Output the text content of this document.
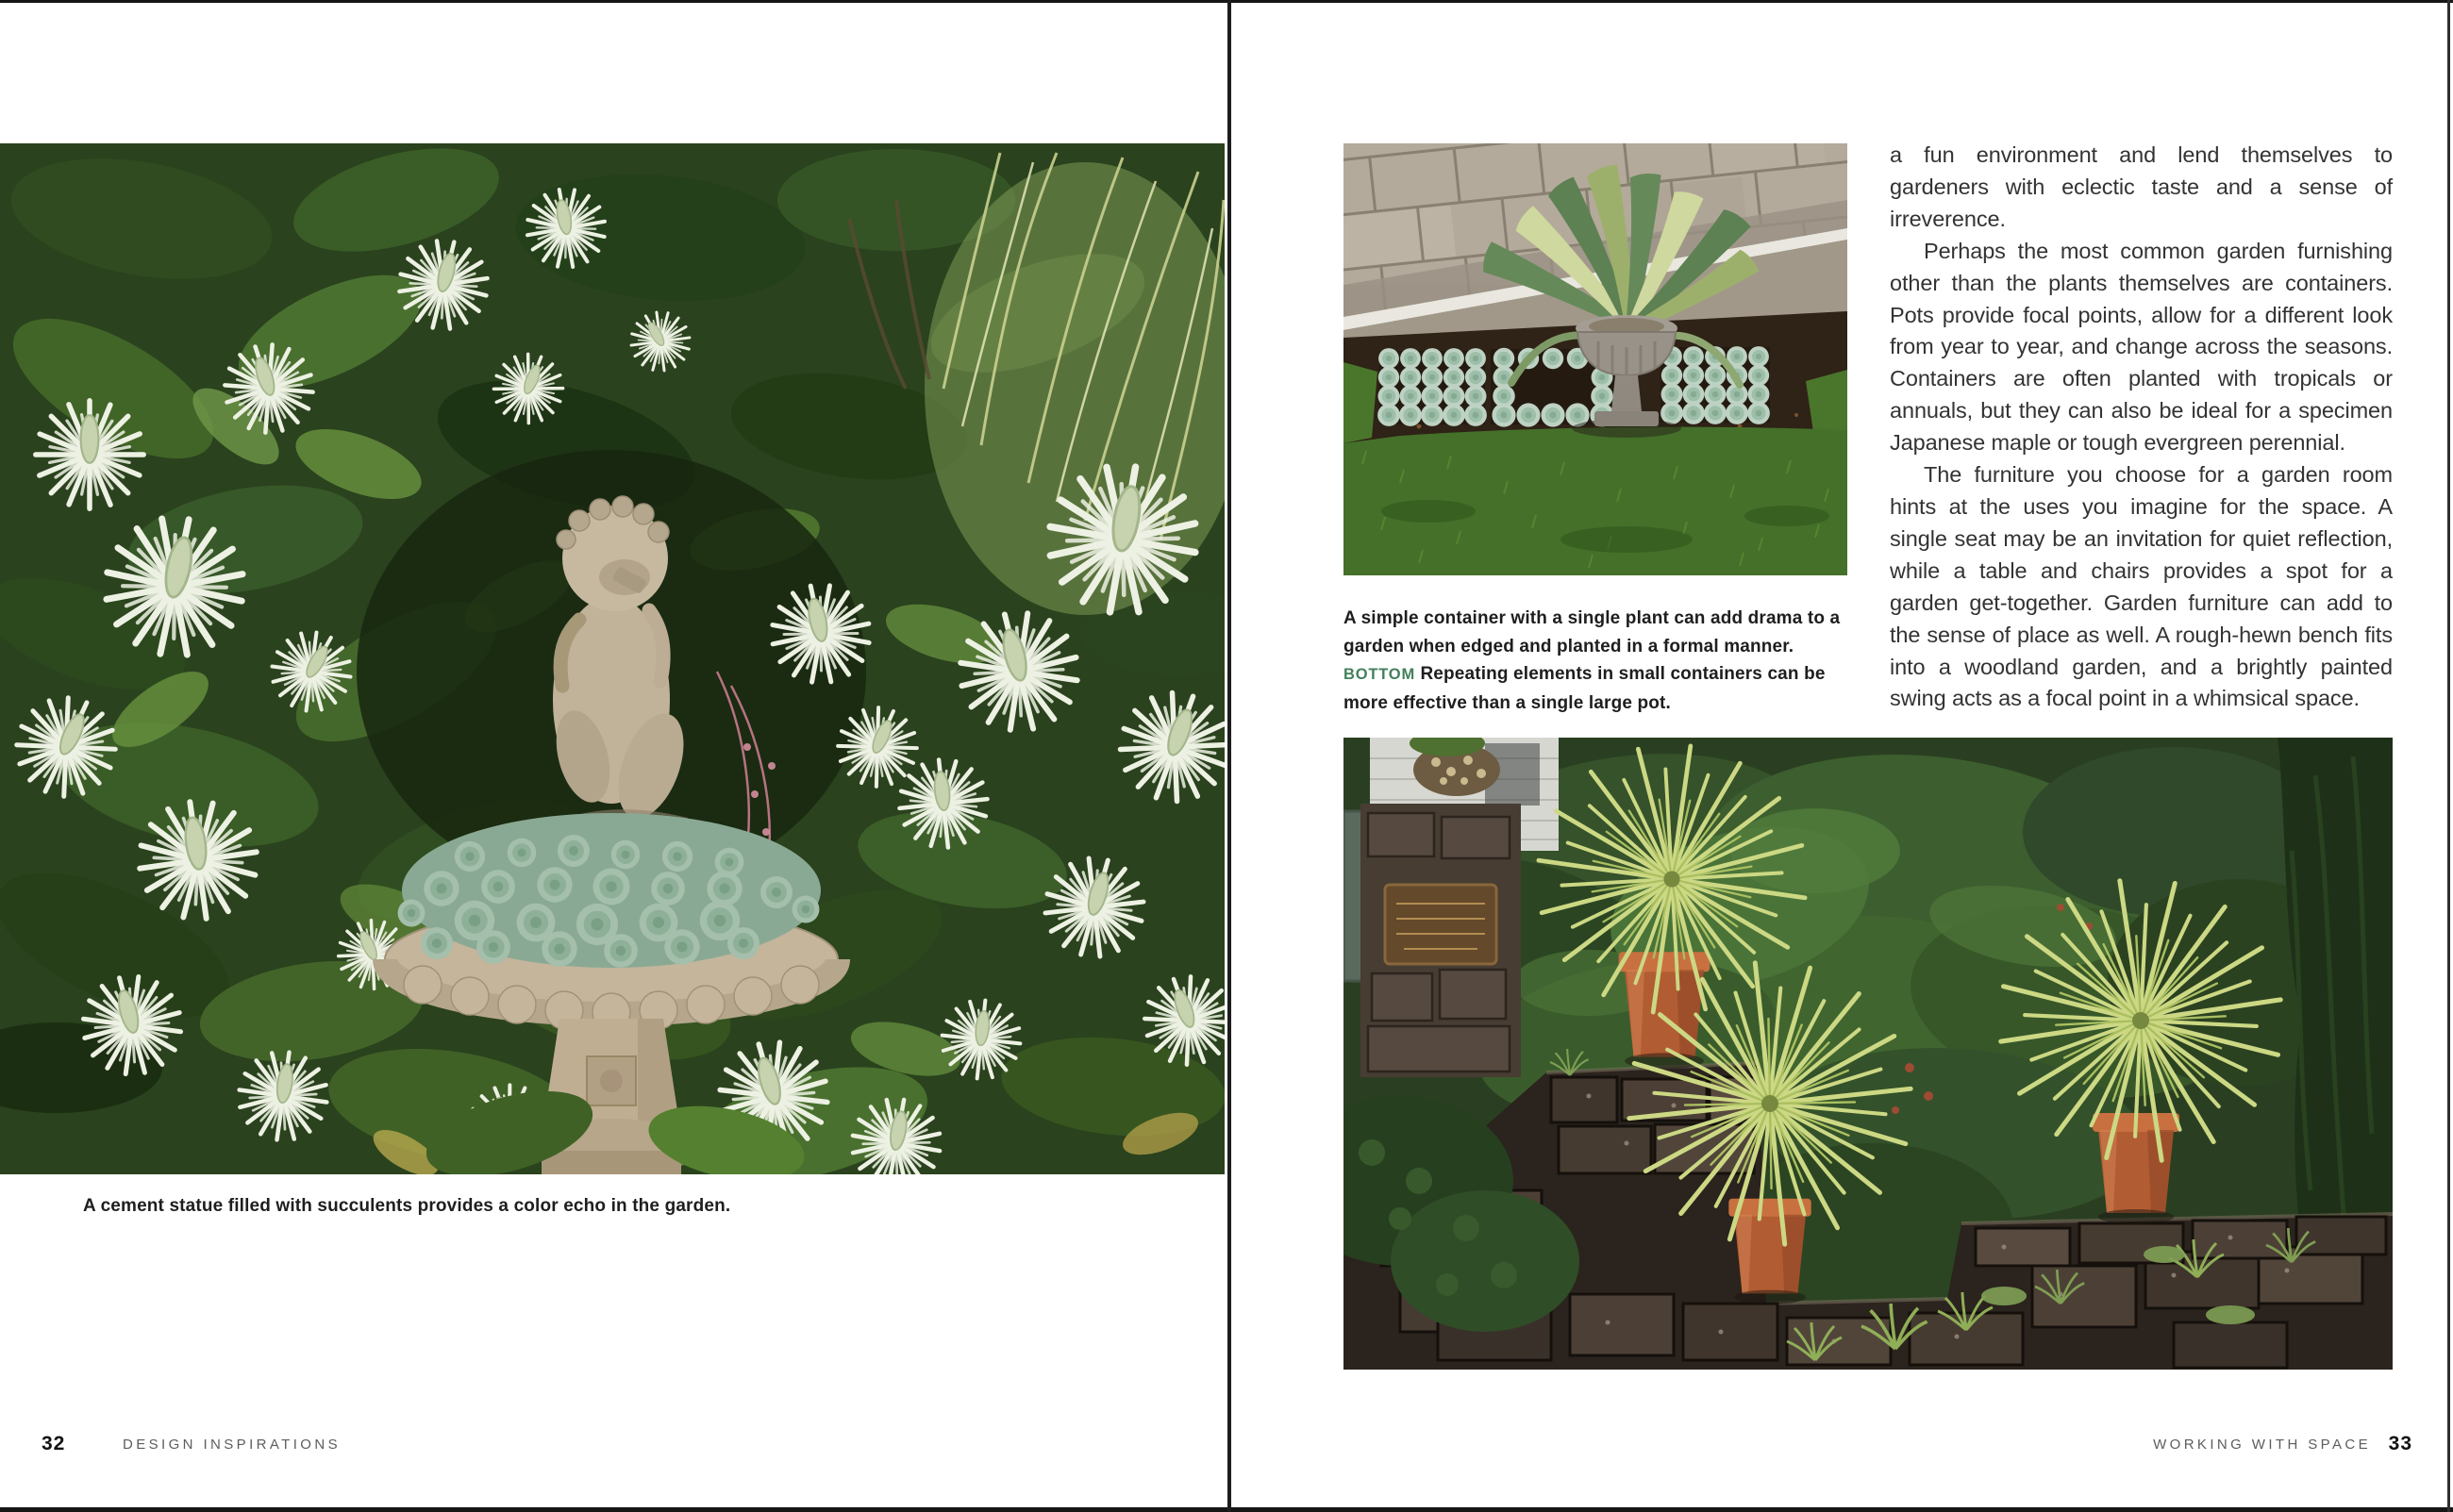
A cement statue filled with succulents provides a color echo in the garden.
32	DESIGN INSPIRATIONS
A simple container with a single plant can add drama to a garden when edged and planted in a formal manner.
BOTTOM Repeating elements in small containers can be more effective than a single large pot.

a fun environment and lend themselves to gardeners with eclectic taste and a sense of irreverence.

Perhaps the most common garden furnishing other than the plants themselves are containers. Pots provide focal points, allow for a different look from year to year, and change across the seasons. Containers are often planted with tropicals or annuals, but they can also be ideal for a specimen Japanese maple or tough evergreen perennial.

The furniture you choose for a garden room hints at the uses you imagine for the space. A single seat may be an invitation for quiet reflection, while a table and chairs provides a spot for a garden get-together. Garden furniture can add to the sense of place as well. A rough-hewn bench fits into a woodland garden, and a brightly painted swing acts as a focal point in a whimsical space.

WORKING WITH SPACE 33
